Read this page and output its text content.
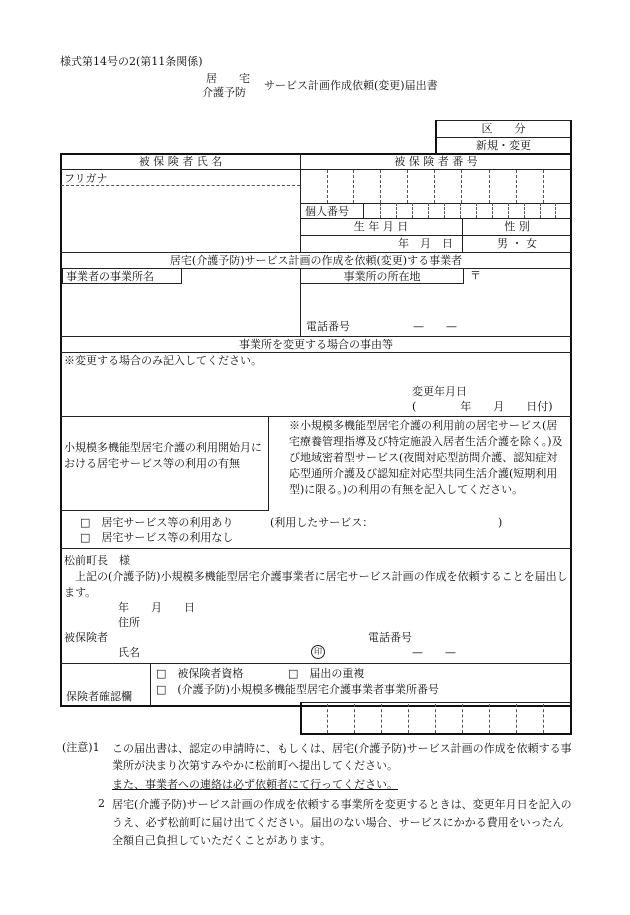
様式第14号の2(第11条関係)
居　　宅
介護予防
サービス計画作成依頼(変更)届出書
区　　分
新規・変更
被 保 険 者 氏 名	被 保 険 者 番 号
フリガナ
個人番号
生 年 月 日	性 別
年　月　日	男 ・ 女
居宅(介護予防)サービス計画の作成を依頼(変更)する事業者
事業者の事業所名	事業所の所在地	〒
電話番号	—　　—
事業所を変更する場合の事由等
※変更する場合のみ記入してください。
変更年月日
(　　　　年　　月　　日付)
小規模多機能型居宅介護の利用開始月における居宅サービス等の利用の有無
※小規模多機能型居宅介護の利用前の居宅サービス(居宅療養管理指導及び特定施設入居者生活介護を除く。)及び地域密着型サービス(夜間対応型訪問介護、認知症対応型通所介護及び認知症対応型共同生活介護(短期利用型)に限る。)の利用の有無を記入してください。
□　居宅サービス等の利用あり	(利用したサービス：	)
□　居宅サービス等の利用なし
松前町長　様
上記の(介護予防)小規模多機能型居宅介護事業者に居宅サービス計画の作成を依頼することを届出します。
年　　月　　日
住所
被保険者
氏名	印
電話番号
—　　—
保険者確認欄
□　被保険者資格	□　届出の重複
□　(介護予防)小規模多機能型居宅介護事業者事業所番号
(注意)1 この届出書は、認定の申請時に、もしくは、居宅(介護予防)サービス計画の作成を依頼する事業所が決まり次第すみやかに松前町へ提出してください。
また、事業者への連絡は必ず依頼者にて行ってください。
2 居宅(介護予防)サービス計画の作成を依頼する事業所を変更するときは、変更年月日を記入のうえ、必ず松前町に届け出てください。届出のない場合、サービスにかかる費用をいったん全額自己負担していただくことがあります。
